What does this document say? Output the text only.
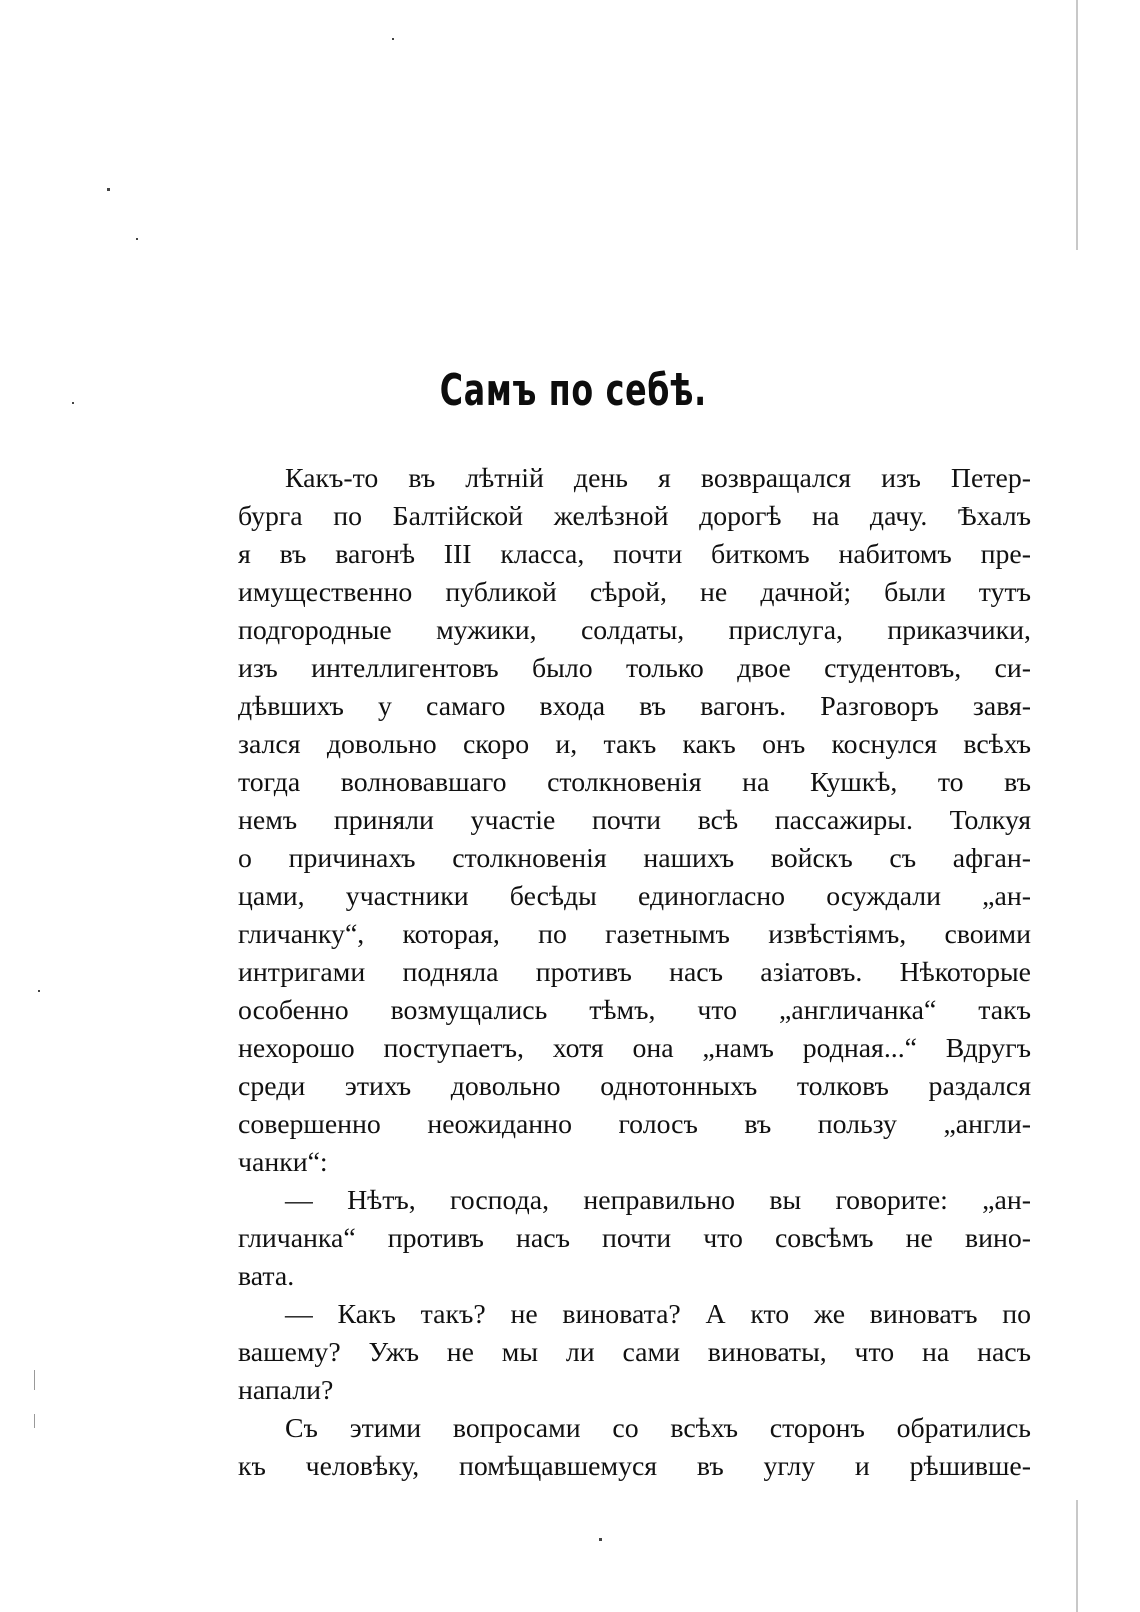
Самъ по себѣ.
Какъ-то въ лѣтній день я возвращался изъ Петер-
бурга по Балтійской желѣзной дорогѣ на дачу. Ѣхалъ
я въ вагонѣ III класса, почти биткомъ набитомъ пре-
имущественно публикой сѣрой, не дачной; были тутъ
подгородные мужики, солдаты, прислуга, приказчики,
изъ интеллигентовъ было только двое студентовъ, си-
дѣвшихъ у самаго входа въ вагонъ. Разговоръ завя-
зался довольно скоро и, такъ какъ онъ коснулся всѣхъ
тогда волновавшаго столкновенія на Кушкѣ, то въ
немъ приняли участіе почти всѣ пассажиры. Толкуя
о причинахъ столкновенія нашихъ войскъ съ афган-
цами, участники бесѣды единогласно осуждали „ан-
гличанку“, которая, по газетнымъ извѣстіямъ, своими
интригами подняла противъ насъ азіатовъ. Нѣкоторые
особенно возмущались тѣмъ, что „англичанка“ такъ
нехорошо поступаетъ, хотя она „намъ родная...“ Вдругъ
среди этихъ довольно однотонныхъ толковъ раздался
совершенно неожиданно голосъ въ пользу „англи-
чанки“:
— Нѣтъ, господа, неправильно вы говорите: „ан-
гличанка“ противъ насъ почти что совсѣмъ не вино-
вата.
— Какъ такъ? не виновата? А кто же виноватъ по
вашему? Ужъ не мы ли сами виноваты, что на насъ
напали?
Съ этими вопросами со всѣхъ сторонъ обратились
къ человѣку, помѣщавшемуся въ углу и рѣшивше-
